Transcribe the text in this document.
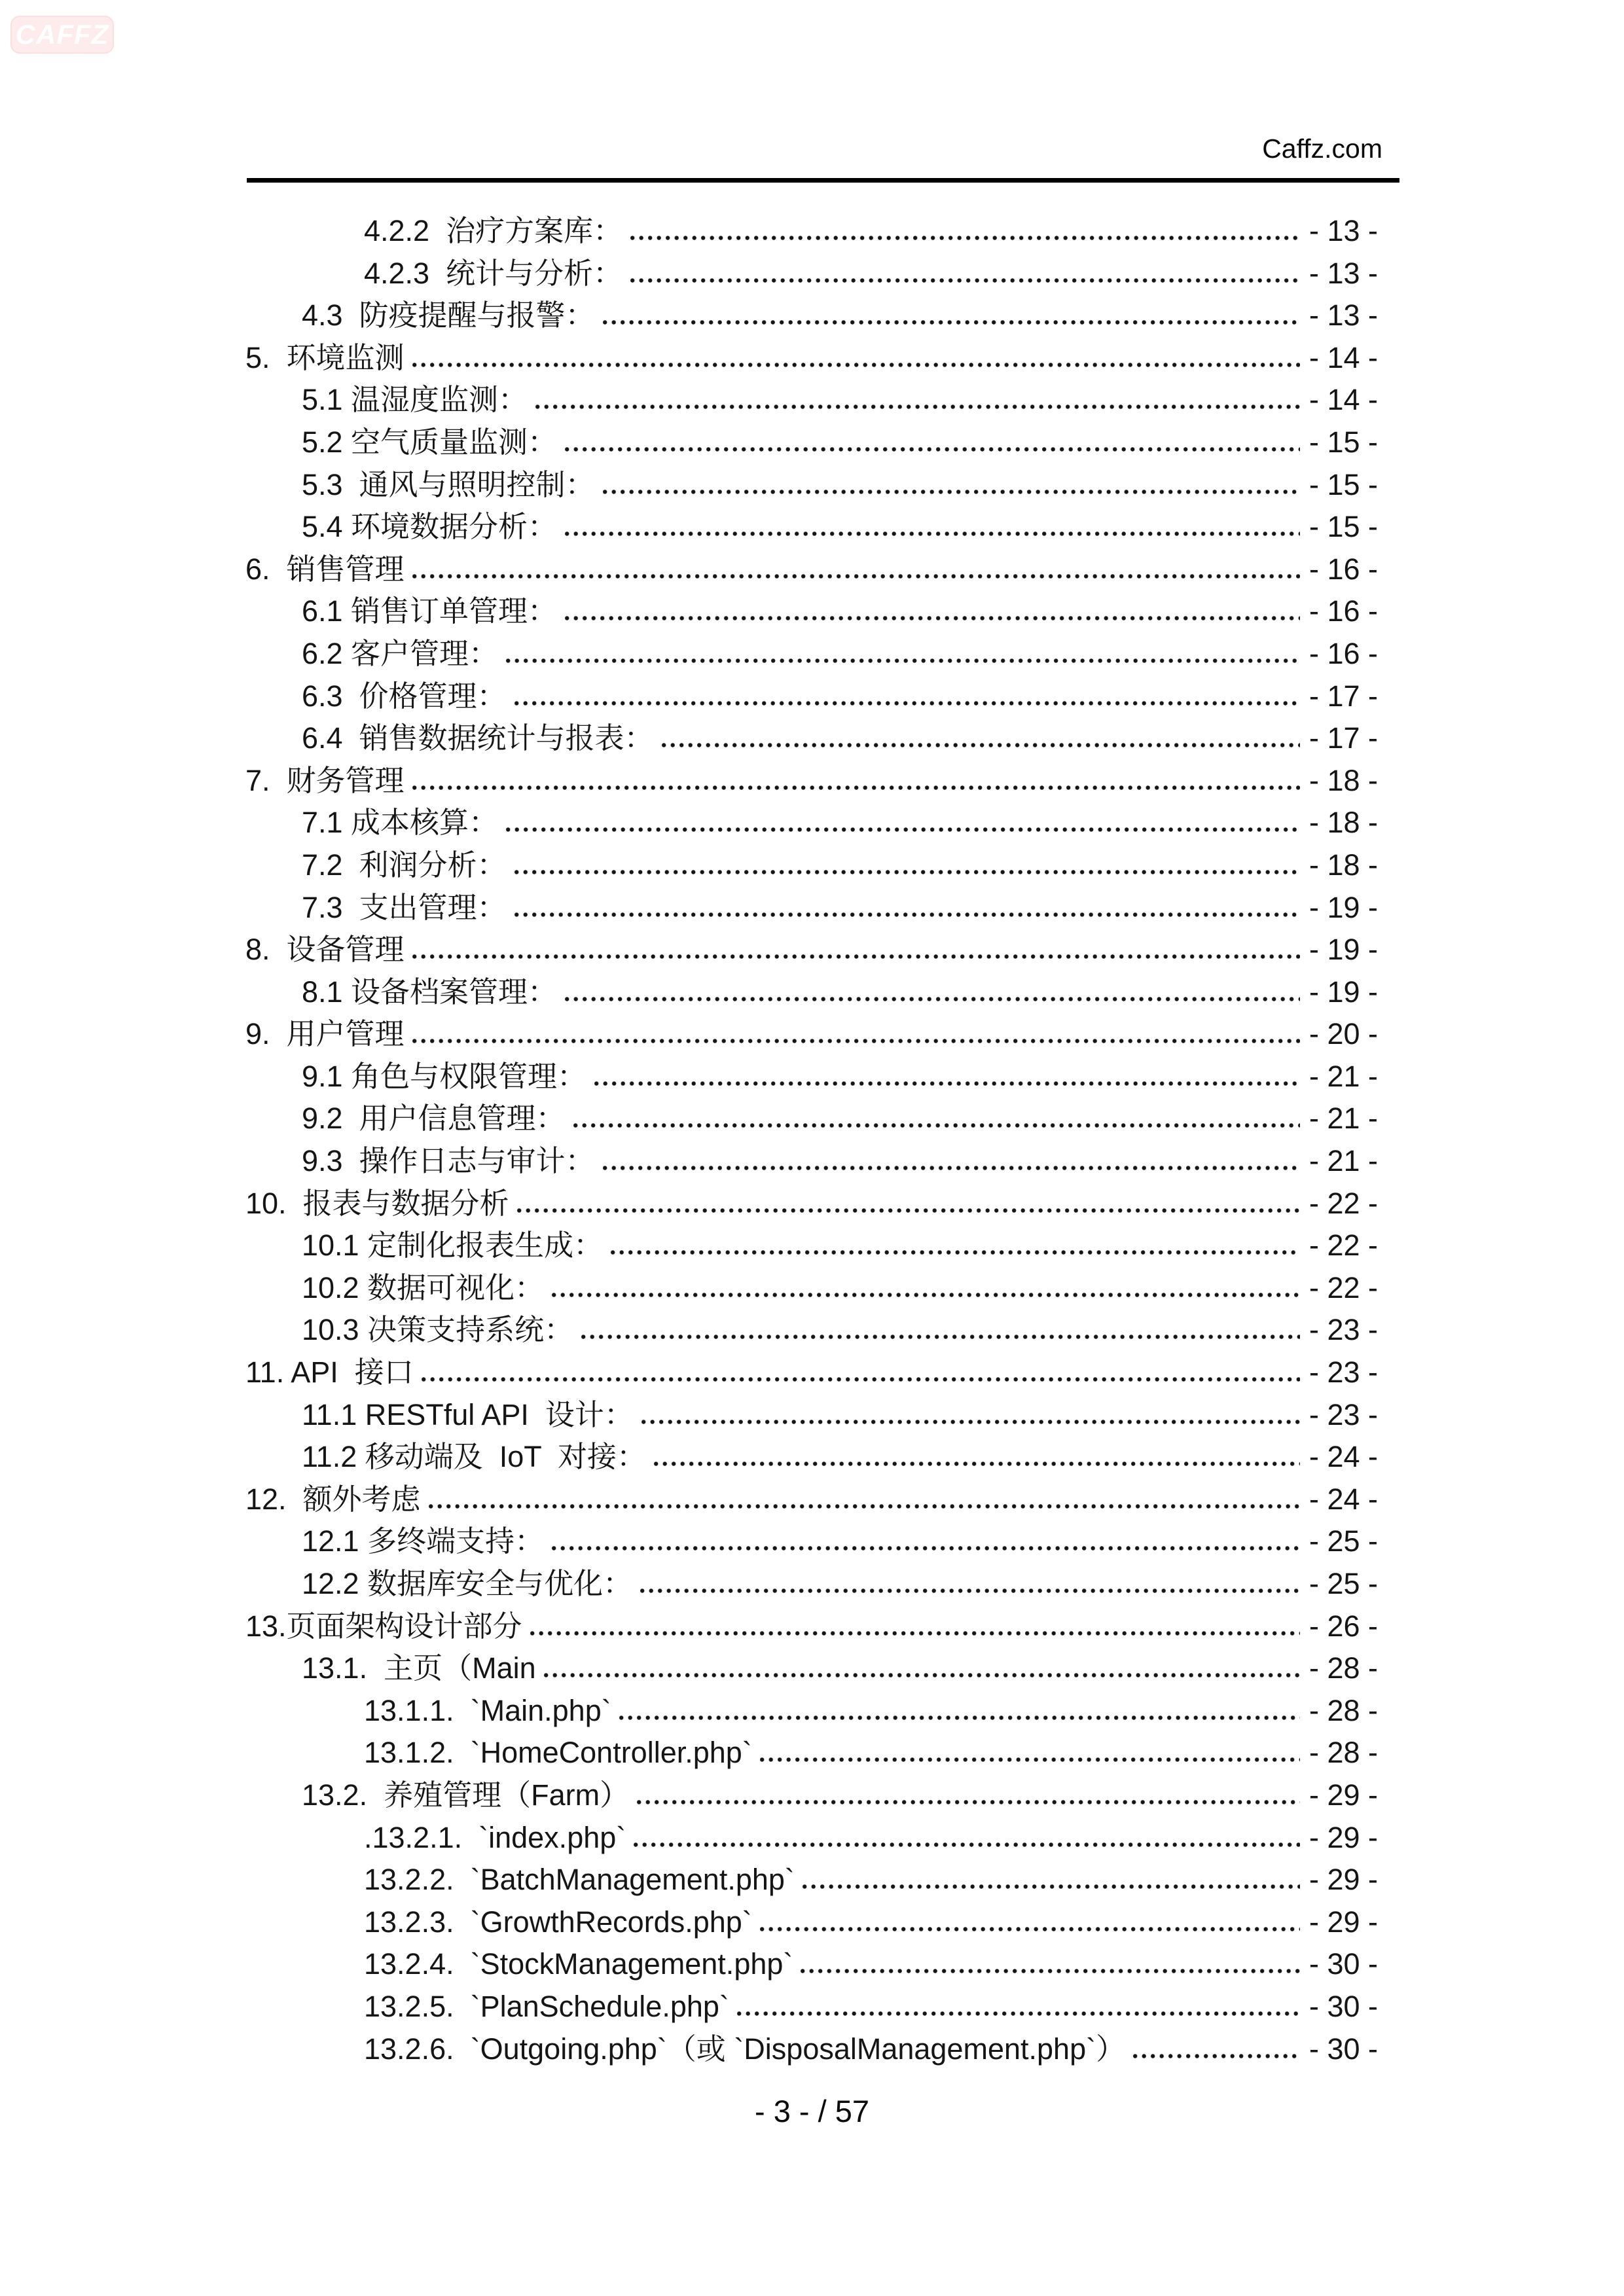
CAFFZ
Caffz.com
4.2.2  治疗方案库：	- 13 -
4.2.3  统计与分析：	- 13 -
4.3  防疫提醒与报警：	- 13 -
5.  环境监测	- 14 -
5.1 温湿度监测：	- 14 -
5.2 空气质量监测：	- 15 -
5.3  通风与照明控制：	- 15 -
5.4 环境数据分析：	- 15 -
6.  销售管理	- 16 -
6.1 销售订单管理：	- 16 -
6.2 客户管理：	- 16 -
6.3  价格管理：	- 17 -
6.4  销售数据统计与报表：	- 17 -
7.  财务管理	- 18 -
7.1 成本核算：	- 18 -
7.2  利润分析：	- 18 -
7.3  支出管理：	- 19 -
8.  设备管理	- 19 -
8.1 设备档案管理：	- 19 -
9.  用户管理	- 20 -
9.1 角色与权限管理：	- 21 -
9.2  用户信息管理：	- 21 -
9.3  操作日志与审计：	- 21 -
10.  报表与数据分析	- 22 -
10.1 定制化报表生成：	- 22 -
10.2 数据可视化：	- 22 -
10.3 决策支持系统：	- 23 -
11. API  接口	- 23 -
11.1 RESTful API  设计：	- 23 -
11.2 移动端及  IoT  对接：	- 24 -
12.  额外考虑	- 24 -
12.1 多终端支持：	- 25 -
12.2 数据库安全与优化：	- 25 -
13.页面架构设计部分	- 26 -
13.1.  主页（Main	- 28 -
13.1.1.  `Main.php`	- 28 -
13.1.2.  `HomeController.php`	- 28 -
13.2.  养殖管理（Farm）	- 29 -
.13.2.1.  `index.php`	- 29 -
13.2.2.  `BatchManagement.php`	- 29 -
13.2.3.  `GrowthRecords.php`	- 29 -
13.2.4.  `StockManagement.php`	- 30 -
13.2.5.  `PlanSchedule.php`	- 30 -
13.2.6.  `Outgoing.php`（或 `DisposalManagement.php`）	- 30 -
- 3 - / 57
